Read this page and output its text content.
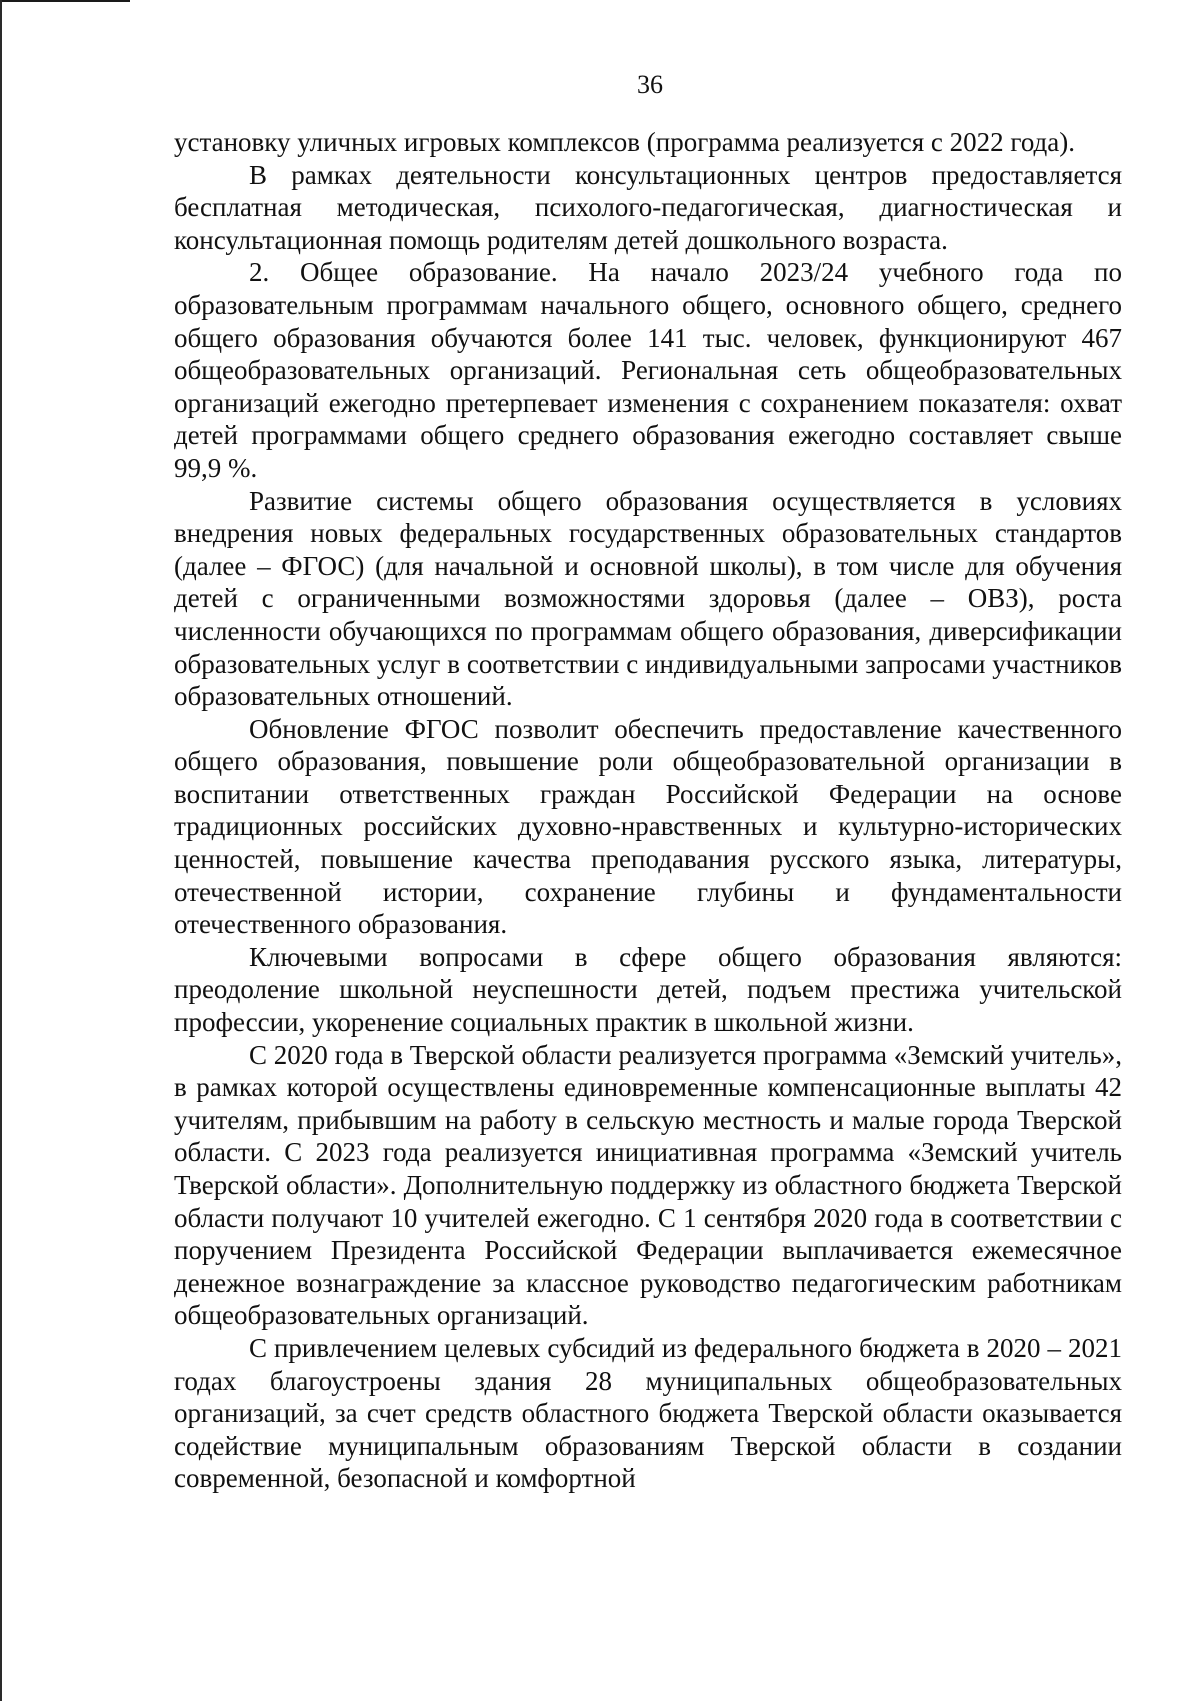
36

установку уличных игровых комплексов (программа реализуется с 2022 года).

В рамках деятельности консультационных центров предоставляется бесплатная методическая, психолого-педагогическая, диагностическая и консультационная помощь родителям детей дошкольного возраста.

2. Общее образование. На начало 2023/24 учебного года по образовательным программам начального общего, основного общего, среднего общего образования обучаются более 141 тыс. человек, функционируют 467 общеобразовательных организаций. Региональная сеть общеобразовательных организаций ежегодно претерпевает изменения с сохранением показателя: охват детей программами общего среднего образования ежегодно составляет свыше 99,9 %.

Развитие системы общего образования осуществляется в условиях внедрения новых федеральных государственных образовательных стандартов (далее – ФГОС) (для начальной и основной школы), в том числе для обучения детей с ограниченными возможностями здоровья (далее – ОВЗ), роста численности обучающихся по программам общего образования, диверсификации образовательных услуг в соответствии с индивидуальными запросами участников образовательных отношений.

Обновление ФГОС позволит обеспечить предоставление качественного общего образования, повышение роли общеобразовательной организации в воспитании ответственных граждан Российской Федерации на основе традиционных российских духовно-нравственных и культурно-исторических ценностей, повышение качества преподавания русского языка, литературы, отечественной истории, сохранение глубины и фундаментальности отечественного образования.

Ключевыми вопросами в сфере общего образования являются: преодоление школьной неуспешности детей, подъем престижа учительской профессии, укоренение социальных практик в школьной жизни.

С 2020 года в Тверской области реализуется программа «Земский учитель», в рамках которой осуществлены единовременные компенсационные выплаты 42 учителям, прибывшим на работу в сельскую местность и малые города Тверской области. С 2023 года реализуется инициативная программа «Земский учитель Тверской области». Дополнительную поддержку из областного бюджета Тверской области получают 10 учителей ежегодно. С 1 сентября 2020 года в соответствии с поручением Президента Российской Федерации выплачивается ежемесячное денежное вознаграждение за классное руководство педагогическим работникам общеобразовательных организаций.

С привлечением целевых субсидий из федерального бюджета в 2020 – 2021 годах благоустроены здания 28 муниципальных общеобразовательных организаций, за счет средств областного бюджета Тверской области оказывается содействие муниципальным образованиям Тверской области в создании современной, безопасной и комфортной
